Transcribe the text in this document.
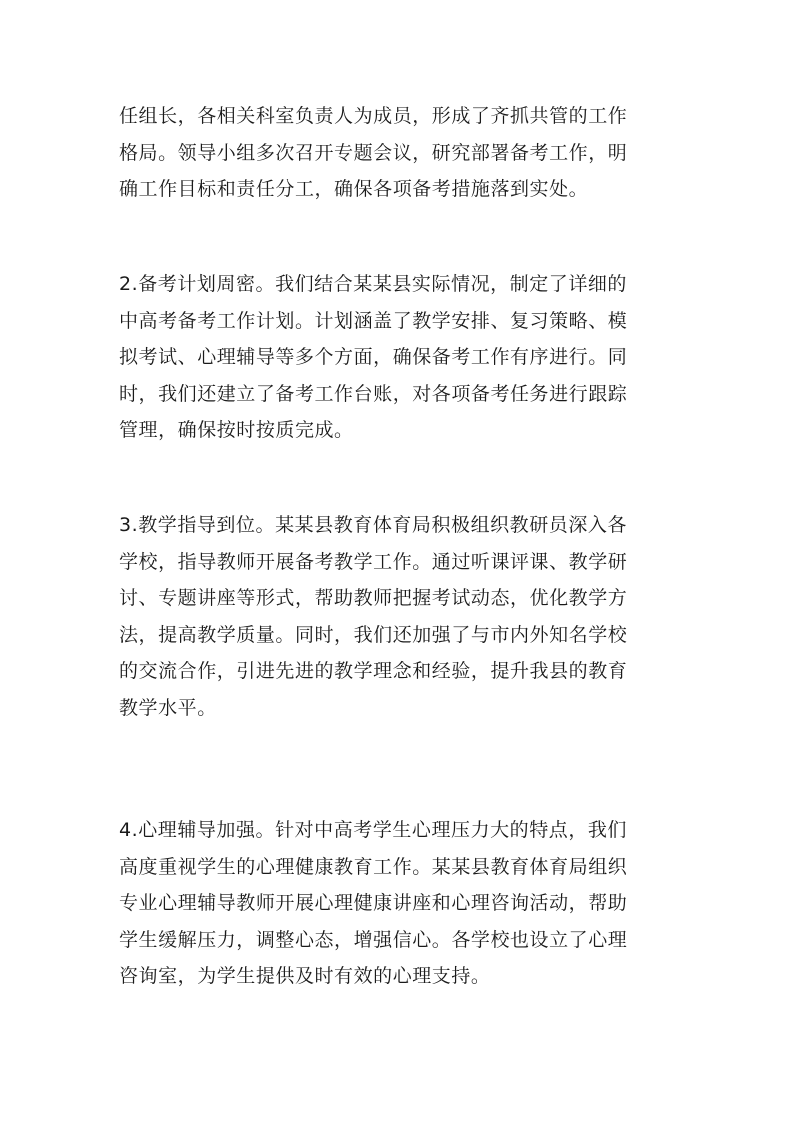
任组长，各相关科室负责人为成员，形成了齐抓共管的工作
格局。领导小组多次召开专题会议，研究部署备考工作，明
确工作目标和责任分工，确保各项备考措施落到实处。

2.备考计划周密。我们结合某某县实际情况，制定了详细的
中高考备考工作计划。计划涵盖了教学安排、复习策略、模
拟考试、心理辅导等多个方面，确保备考工作有序进行。同
时，我们还建立了备考工作台账，对各项备考任务进行跟踪
管理，确保按时按质完成。

3.教学指导到位。某某县教育体育局积极组织教研员深入各
学校，指导教师开展备考教学工作。通过听课评课、教学研
讨、专题讲座等形式，帮助教师把握考试动态，优化教学方
法，提高教学质量。同时，我们还加强了与市内外知名学校
的交流合作，引进先进的教学理念和经验，提升我县的教育
教学水平。

4.心理辅导加强。针对中高考学生心理压力大的特点，我们
高度重视学生的心理健康教育工作。某某县教育体育局组织
专业心理辅导教师开展心理健康讲座和心理咨询活动，帮助
学生缓解压力，调整心态，增强信心。各学校也设立了心理
咨询室，为学生提供及时有效的心理支持。
